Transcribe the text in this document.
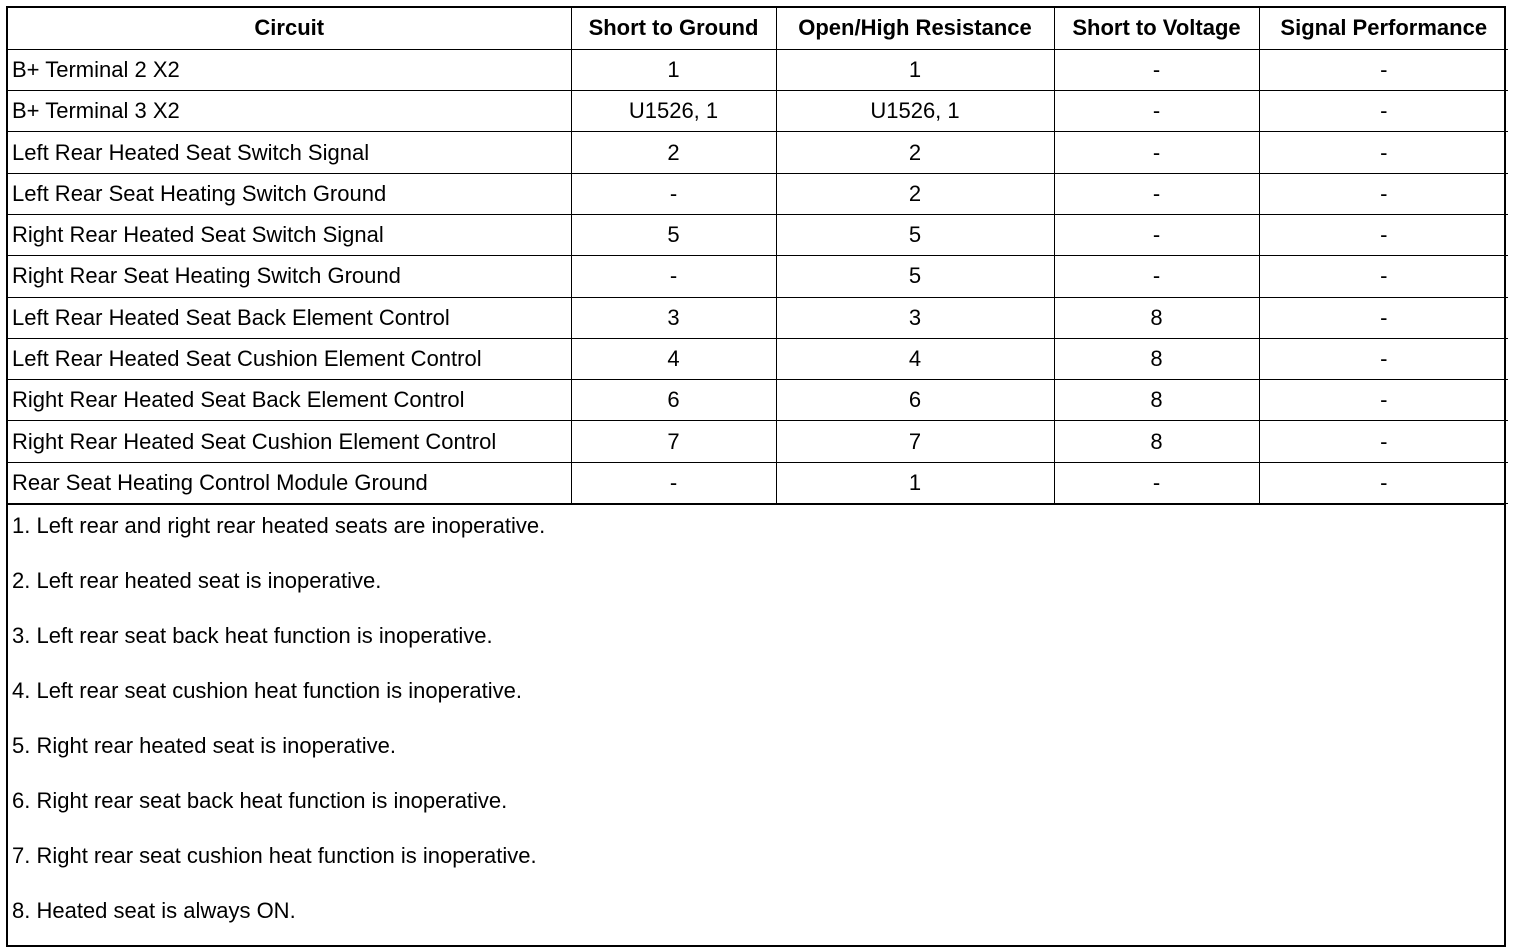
Circuit	Short to Ground	Open/High Resistance	Short to Voltage	Signal Performance
B+ Terminal 2 X2	1	1	-	-
B+ Terminal 3 X2	U1526, 1	U1526, 1	-	-
Left Rear Heated Seat Switch Signal	2	2	-	-
Left Rear Seat Heating Switch Ground	-	2	-	-
Right Rear Heated Seat Switch Signal	5	5	-	-
Right Rear Seat Heating Switch Ground	-	5	-	-
Left Rear Heated Seat Back Element Control	3	3	8	-
Left Rear Heated Seat Cushion Element Control	4	4	8	-
Right Rear Heated Seat Back Element Control	6	6	8	-
Right Rear Heated Seat Cushion Element Control	7	7	8	-
Rear Seat Heating Control Module Ground	-	1	-	-
1. Left rear and right rear heated seats are inoperative.
2. Left rear heated seat is inoperative.
3. Left rear seat back heat function is inoperative.
4. Left rear seat cushion heat function is inoperative.
5. Right rear heated seat is inoperative.
6. Right rear seat back heat function is inoperative.
7. Right rear seat cushion heat function is inoperative.
8. Heated seat is always ON.
